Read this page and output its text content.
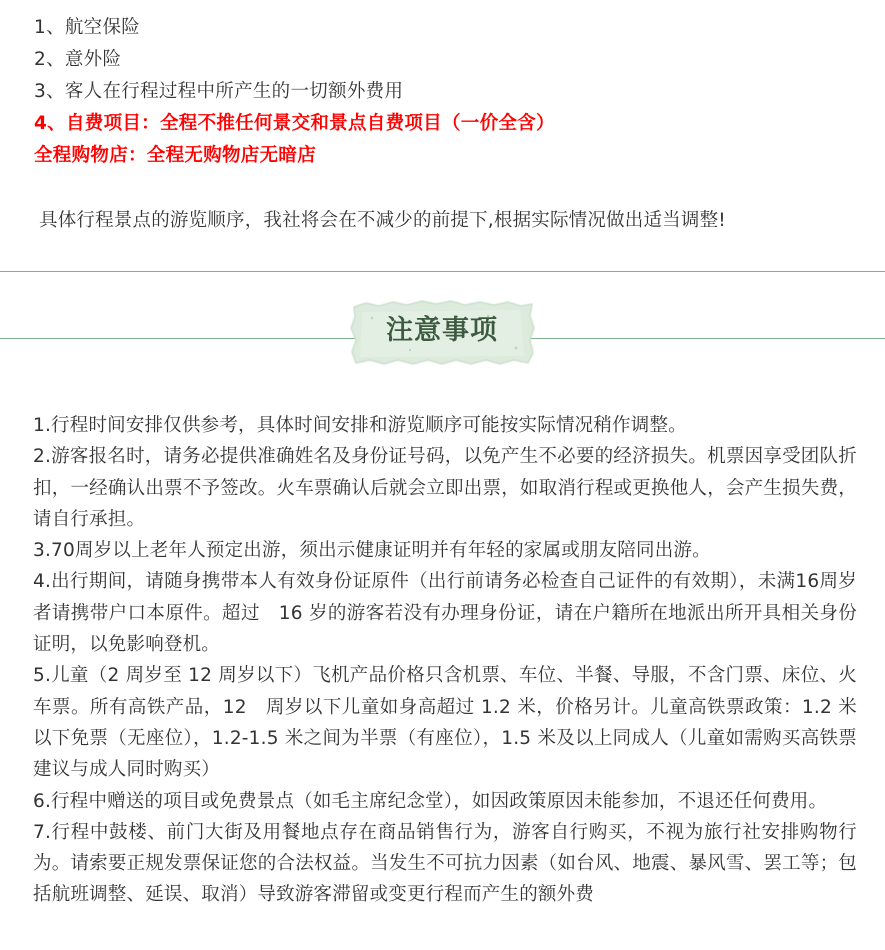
1、航空保险
2、意外险
3、客人在行程过程中所产生的一切额外费用
4、自费项目：全程不推任何景交和景点自费项目（一价全含）
全程购物店：全程无购物店无暗店
具体行程景点的游览顺序，我社将会在不减少的前提下,根据实际情况做出适当调整!
注意事项

1.行程时间安排仅供参考，具体时间安排和游览顺序可能按实际情况稍作调整。

2.游客报名时，请务必提供准确姓名及身份证号码，以免产生不必要的经济损失。机票因享受团队折扣，一经确认出票不予签改。火车票确认后就会立即出票，如取消行程或更换他人，会产生损失费，请自行承担。

3.70周岁以上老年人预定出游，须出示健康证明并有年轻的家属或朋友陪同出游。

4.出行期间，请随身携带本人有效身份证原件（出行前请务必检查自己证件的有效期），未满16周岁者请携带户口本原件。超过　16 岁的游客若没有办理身份证，请在户籍所在地派出所开具相关身份证明，以免影响登机。

5.儿童（2 周岁至 12 周岁以下）飞机产品价格只含机票、车位、半餐、导服，不含门票、床位、火车票。所有高铁产品，12　周岁以下儿童如身高超过 1.2 米，价格另计。儿童高铁票政策：1.2 米以下免票（无座位），1.2-1.5 米之间为半票（有座位），1.5 米及以上同成人（儿童如需购买高铁票建议与成人同时购买）

6.行程中赠送的项目或免费景点（如毛主席纪念堂），如因政策原因未能参加，不退还任何费用。

7.行程中鼓楼、前门大街及用餐地点存在商品销售行为，游客自行购买，不视为旅行社安排购物行为。请索要正规发票保证您的合法权益。当发生不可抗力因素（如台风、地震、暴风雪、罢工等；包括航班调整、延误、取消）导致游客滞留或变更行程而产生的额外费
